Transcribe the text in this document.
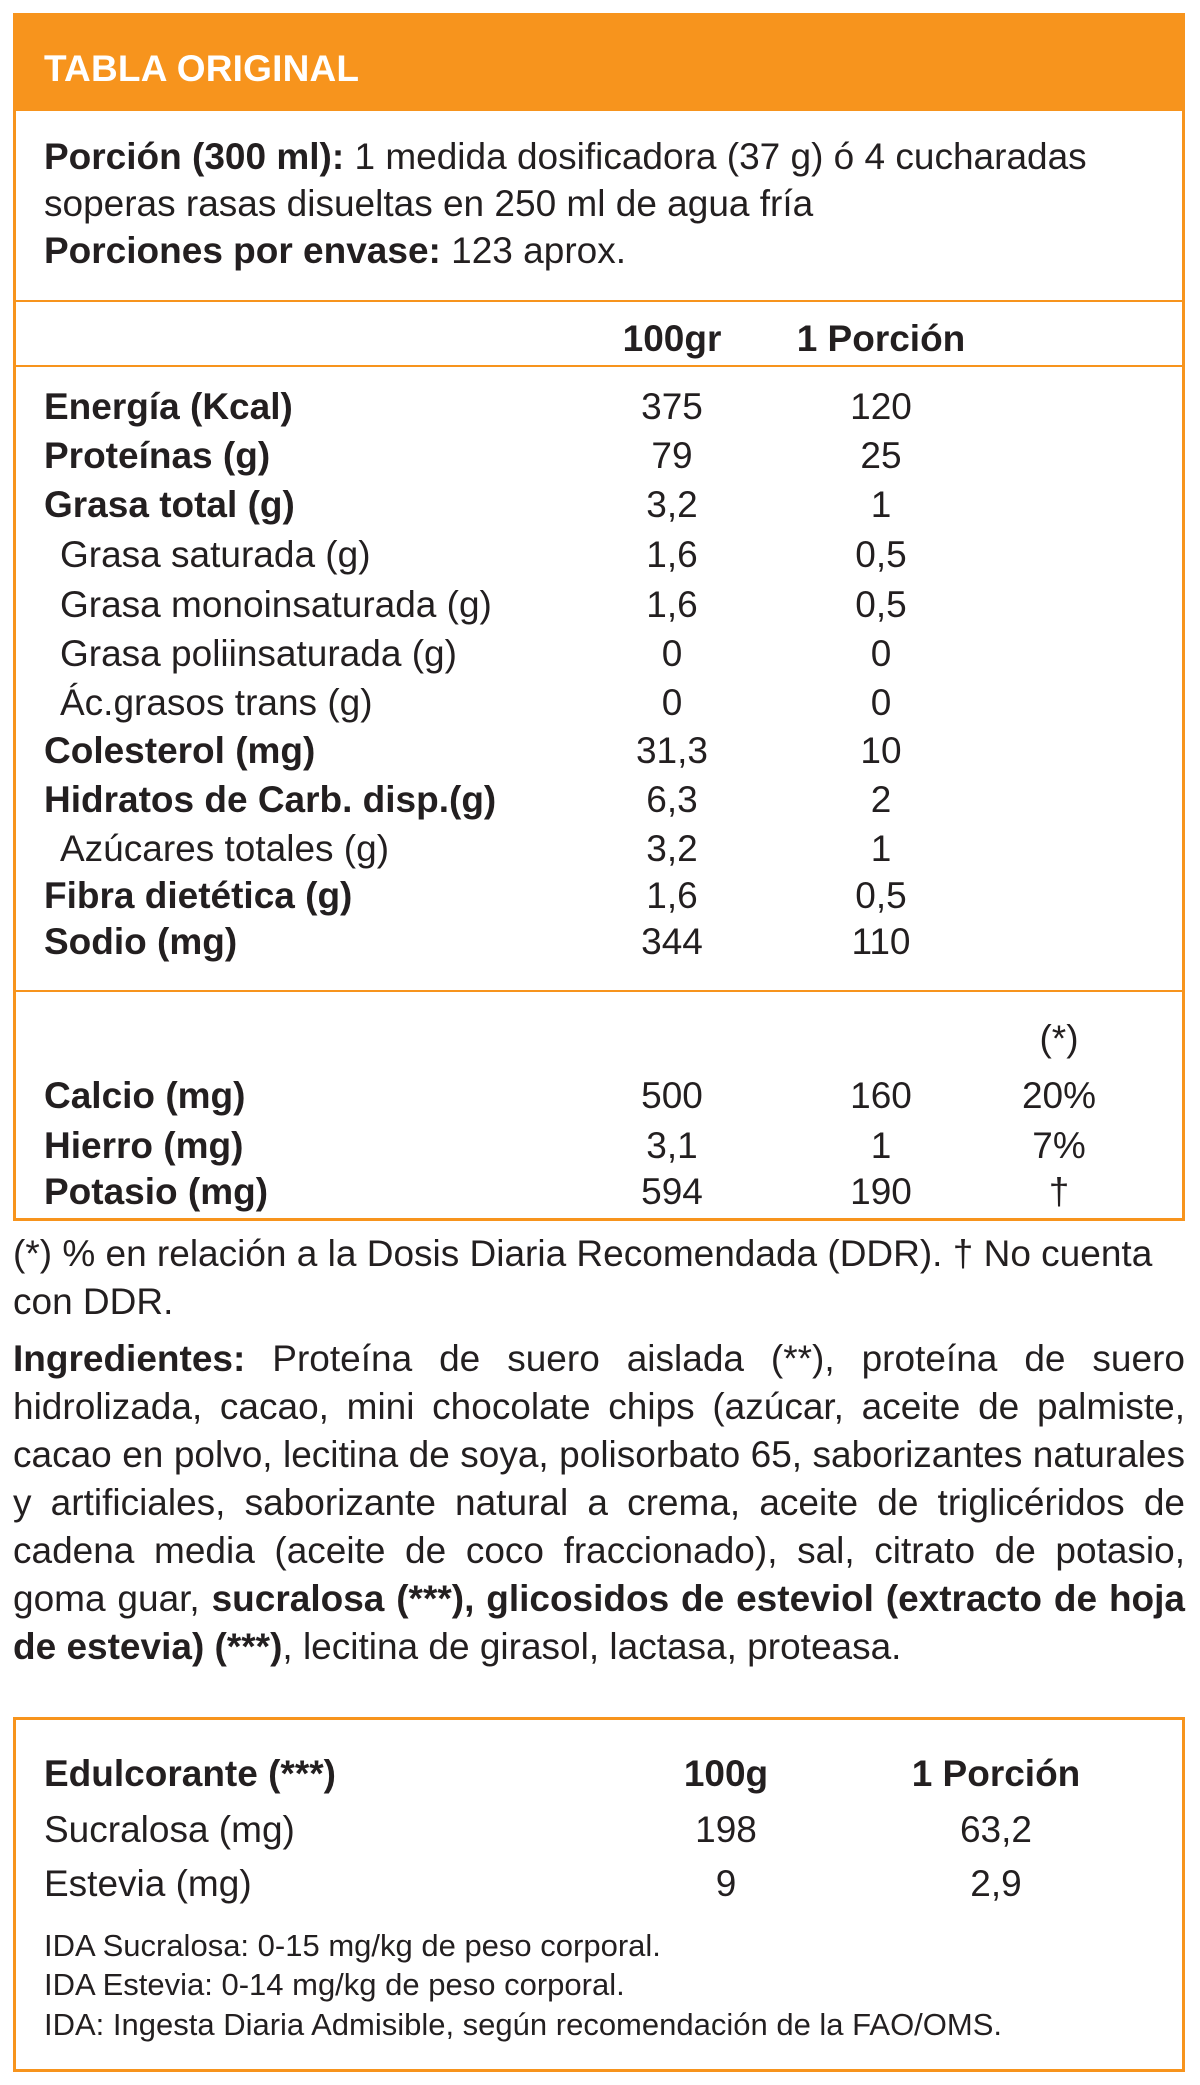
TABLA ORIGINAL
Porción (300 ml): 1 medida dosificadora (37 g) ó 4 cucharadas
soperas rasas disueltas en 250 ml de agua fría
Porciones por envase: 123 aprox.
100gr	1 Porción
Energía (Kcal)	375	120
Proteínas (g)	79	25
Grasa total (g)	3,2	1
Grasa saturada (g)	1,6	0,5
Grasa monoinsaturada (g)	1,6	0,5
Grasa poliinsaturada (g)	0	0
Ác.grasos trans (g)	0	0
Colesterol (mg)	31,3	10
Hidratos de Carb. disp.(g)	6,3	2
Azúcares totales (g)	3,2	1
Fibra dietética (g)	1,6	0,5
Sodio (mg)	344	110
(*)
Calcio (mg)	500	160	20%
Hierro (mg)	3,1	1	7%
Potasio (mg)	594	190	†
(*) % en relación a la Dosis Diaria Recomendada (DDR). † No cuenta
con DDR.
Ingredientes: Proteína de suero aislada (**), proteína de suero hidrolizada, cacao, mini chocolate chips (azúcar, aceite de palmiste, cacao en polvo, lecitina de soya, polisorbato 65, saborizantes naturales y artificiales, saborizante natural a crema, aceite de triglicéridos de cadena media (aceite de coco fraccionado), sal, citrato de potasio, goma guar, sucralosa (***), glicosidos de esteviol (extracto de hoja de estevia) (***), lecitina de girasol, lactasa, proteasa.
Edulcorante (***)	100g	1 Porción
Sucralosa (mg)	198	63,2
Estevia (mg)	9	2,9
IDA Sucralosa: 0-15 mg/kg de peso corporal.
IDA Estevia: 0-14 mg/kg de peso corporal.
IDA: Ingesta Diaria Admisible, según recomendación de la FAO/OMS.
